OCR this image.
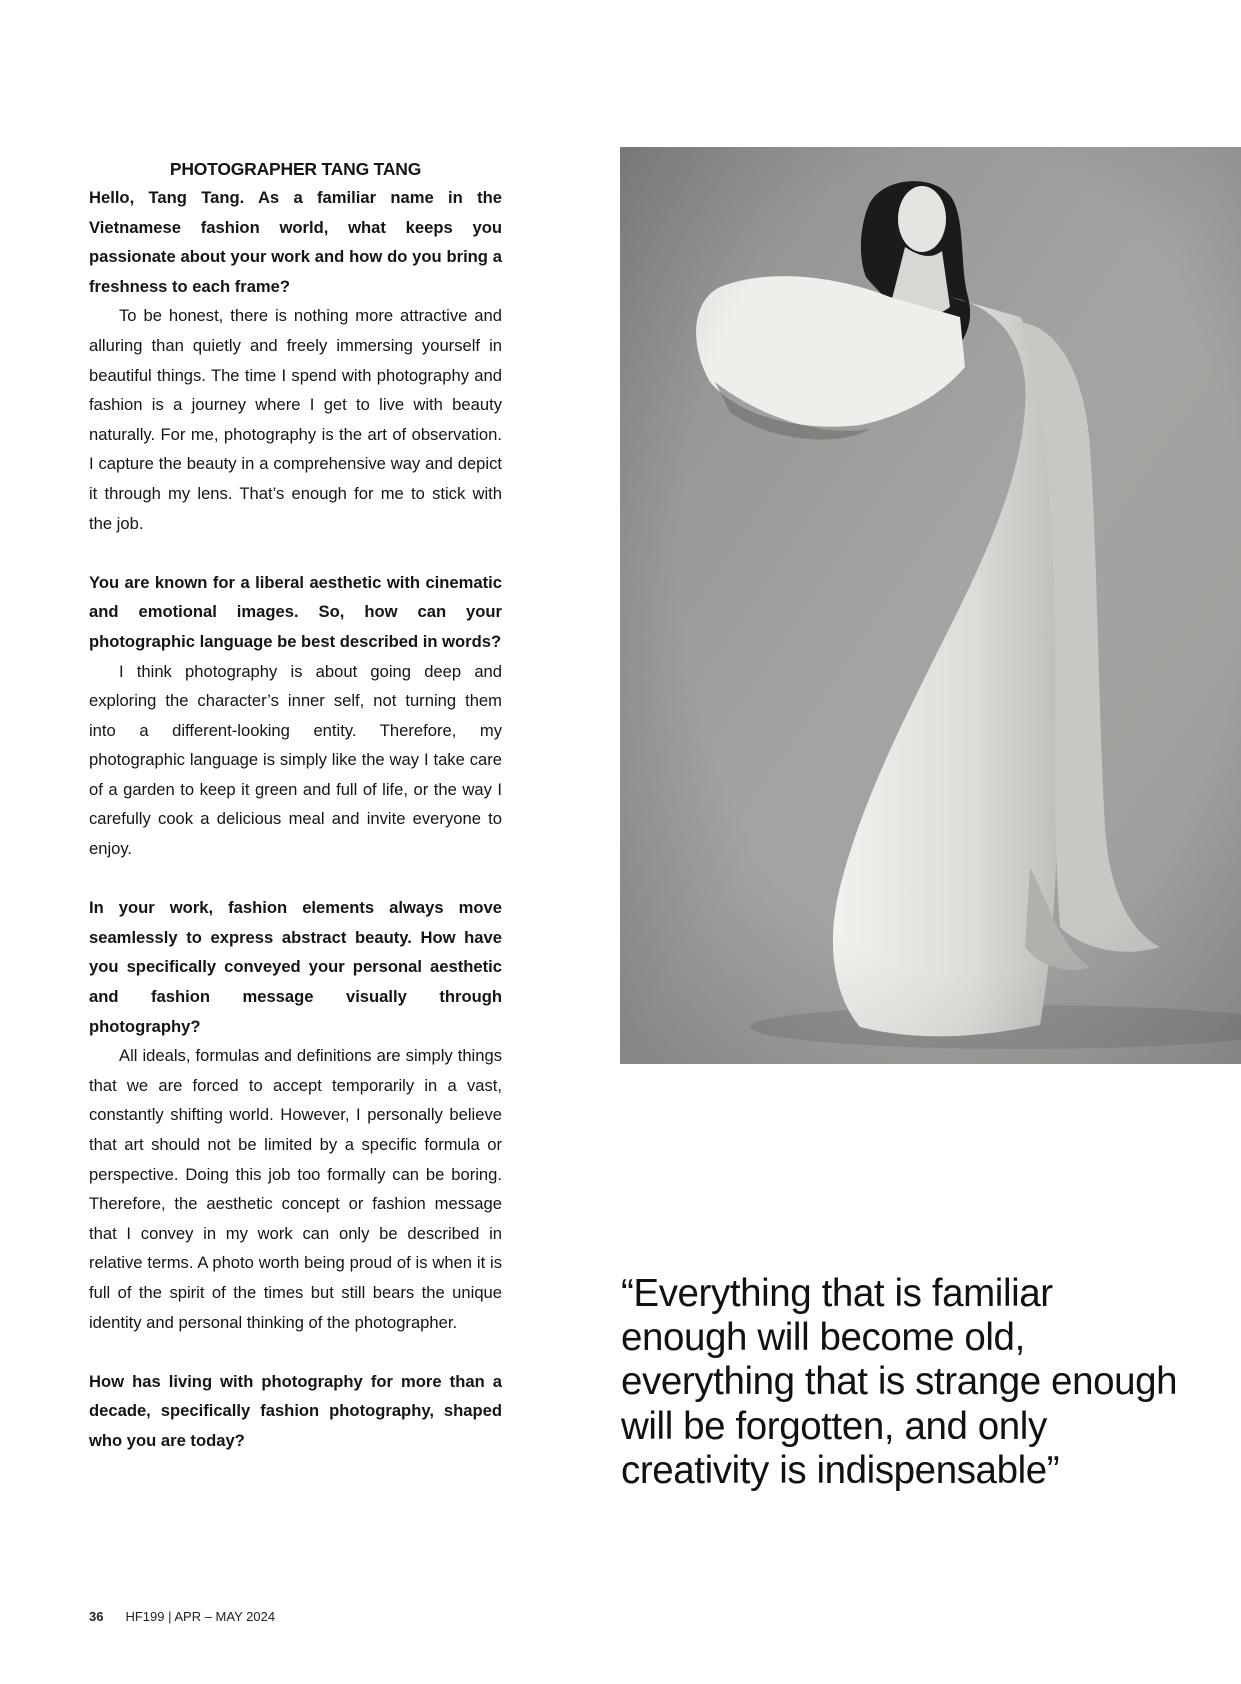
PHOTOGRAPHER TANG TANG

Hello, Tang Tang. As a familiar name in the Vietnamese fashion world, what keeps you passionate about your work and how do you bring a freshness to each frame?

To be honest, there is nothing more attractive and alluring than quietly and freely immersing yourself in beautiful things. The time I spend with photography and fashion is a journey where I get to live with beauty naturally. For me, photography is the art of observation. I capture the beauty in a comprehensive way and depict it through my lens. That’s enough for me to stick with the job.

You are known for a liberal aesthetic with cinematic and emotional images. So, how can your photographic language be best described in words?

I think photography is about going deep and exploring the character’s inner self, not turning them into a different-looking entity. Therefore, my photographic language is simply like the way I take care of a garden to keep it green and full of life, or the way I carefully cook a delicious meal and invite everyone to enjoy.

In your work, fashion elements always move seamlessly to express abstract beauty. How have you specifically conveyed your personal aesthetic and fashion message visually through photography?

All ideals, formulas and definitions are simply things that we are forced to accept temporarily in a vast, constantly shifting world. However, I personally believe that art should not be limited by a specific formula or perspective. Doing this job too formally can be boring. Therefore, the aesthetic concept or fashion message that I convey in my work can only be described in relative terms. A photo worth being proud of is when it is full of the spirit of the times but still bears the unique identity and personal thinking of the photographer.

How has living with photography for more than a decade, specifically fashion photography, shaped who you are today?

“Everything that is familiar enough will become old, everything that is strange enough will be forgotten, and only creativity is indispensable”

36 HF199 | APR – MAY 2024
